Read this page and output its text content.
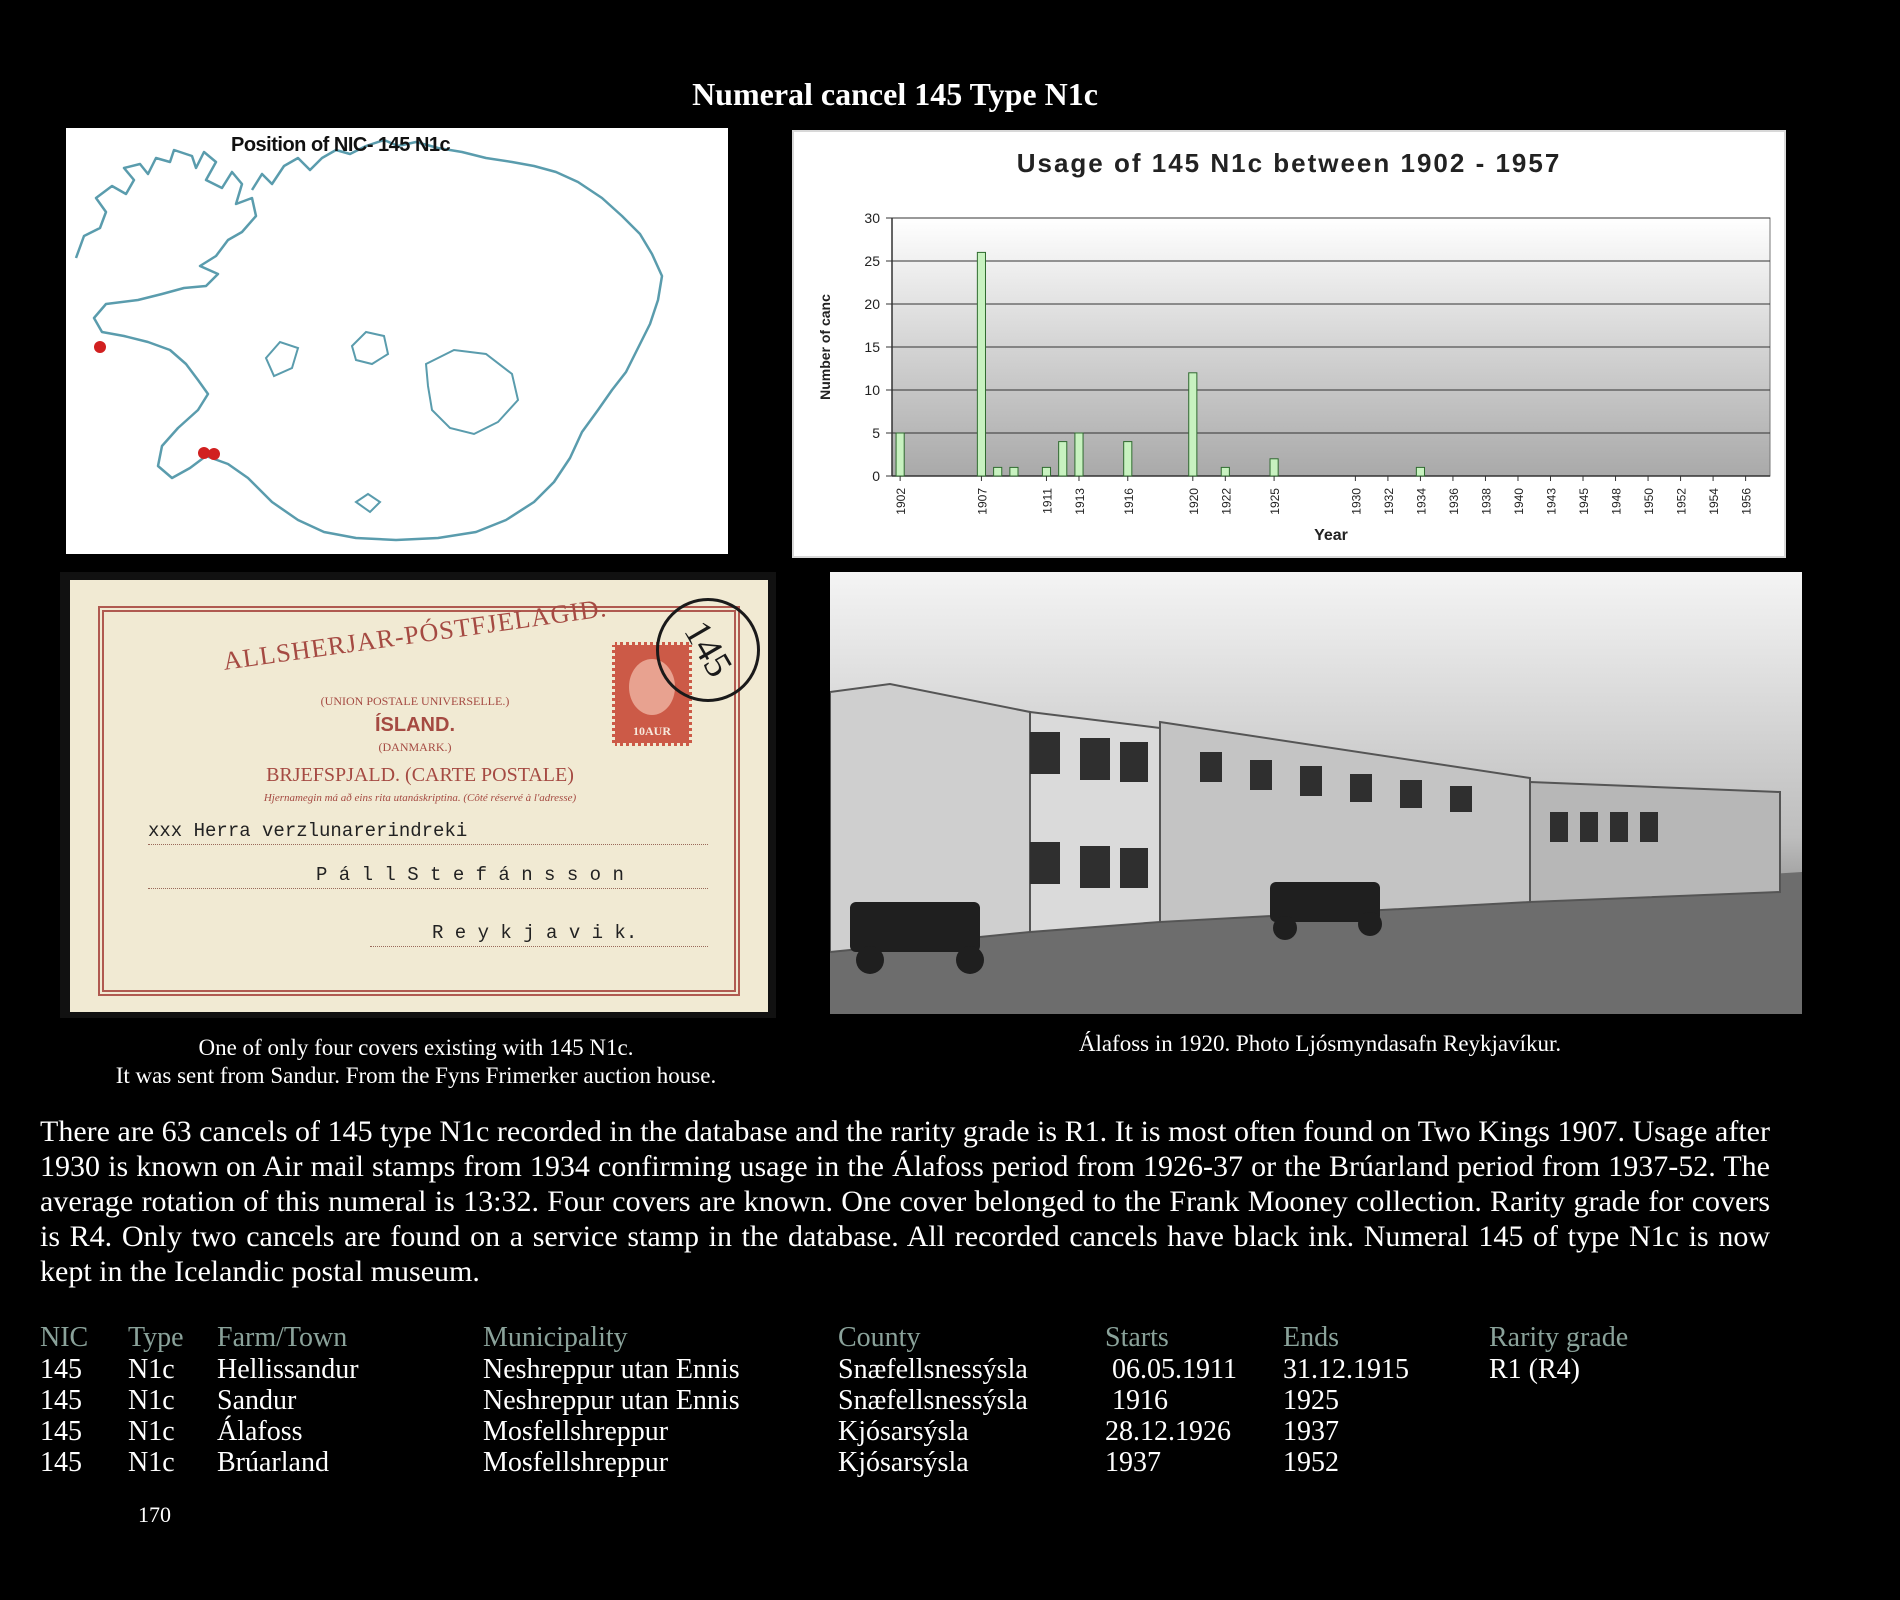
Numeral cancel 145 Type N1c
Position of NIC- 145 N1c
Usage of 145 N1c between 1902 - 1957
0
5
10
15
20
25
30
1902	1907	1911 1913	1916	1920 1922	1925	1930 1932 1934 1936 1938 1940 1943 1945 1948 1950 1952 1954 1956
Year
Number of canc
ALLSHERJAR-PÓSTFJELAGID.
(UNION POSTALE UNIVERSELLE.)
ÍSLAND.
(DANMARK.)
BRJEFSPJALD. (CARTE POSTALE)
Hjernamegin má að eins rita utanáskriptina. (Côté réservé à l'adresse)
10AUR
145
xxx Herra verzlunarerindreki
P á l l S t e f á n s s o n
R e y k j a v i k.
One of only four covers existing with 145 N1c.
It was sent from Sandur. From the Fyns Frimerker auction house.
Álafoss in 1920. Photo Ljósmyndasafn Reykjavíkur.
There are 63 cancels of 145 type N1c recorded in the database and the rarity grade is R1. It is most often found on Two Kings 1907. Usage after 1930 is known on Air mail stamps from 1934 confirming usage in the Álafoss period from 1926-37 or the Brúarland period from 1937-52. The average rotation of this numeral is 13:32. Four covers are known. One cover belonged to the Frank Mooney collection. Rarity grade for covers is R4. Only two cancels are found on a service stamp in the database. All recorded cancels have black ink. Numeral 145 of type N1c is now kept in the Icelandic postal museum.
NIC Type Farm/Town	Municipality	County	Starts	Ends	Rarity grade
145 N1c Hellissandur	Neshreppur utan Ennis	Snæfellsnessýsla	06.05.1911 31.12.1915	R1 (R4)
145 N1c Sandur	Neshreppur utan Ennis	Snæfellsnessýsla	1916	1925
145 N1c Álafoss	Mosfellshreppur	Kjósarsýsla	28.12.1926 1937
145 N1c Brúarland	Mosfellshreppur	Kjósarsýsla	1937	1952
170
